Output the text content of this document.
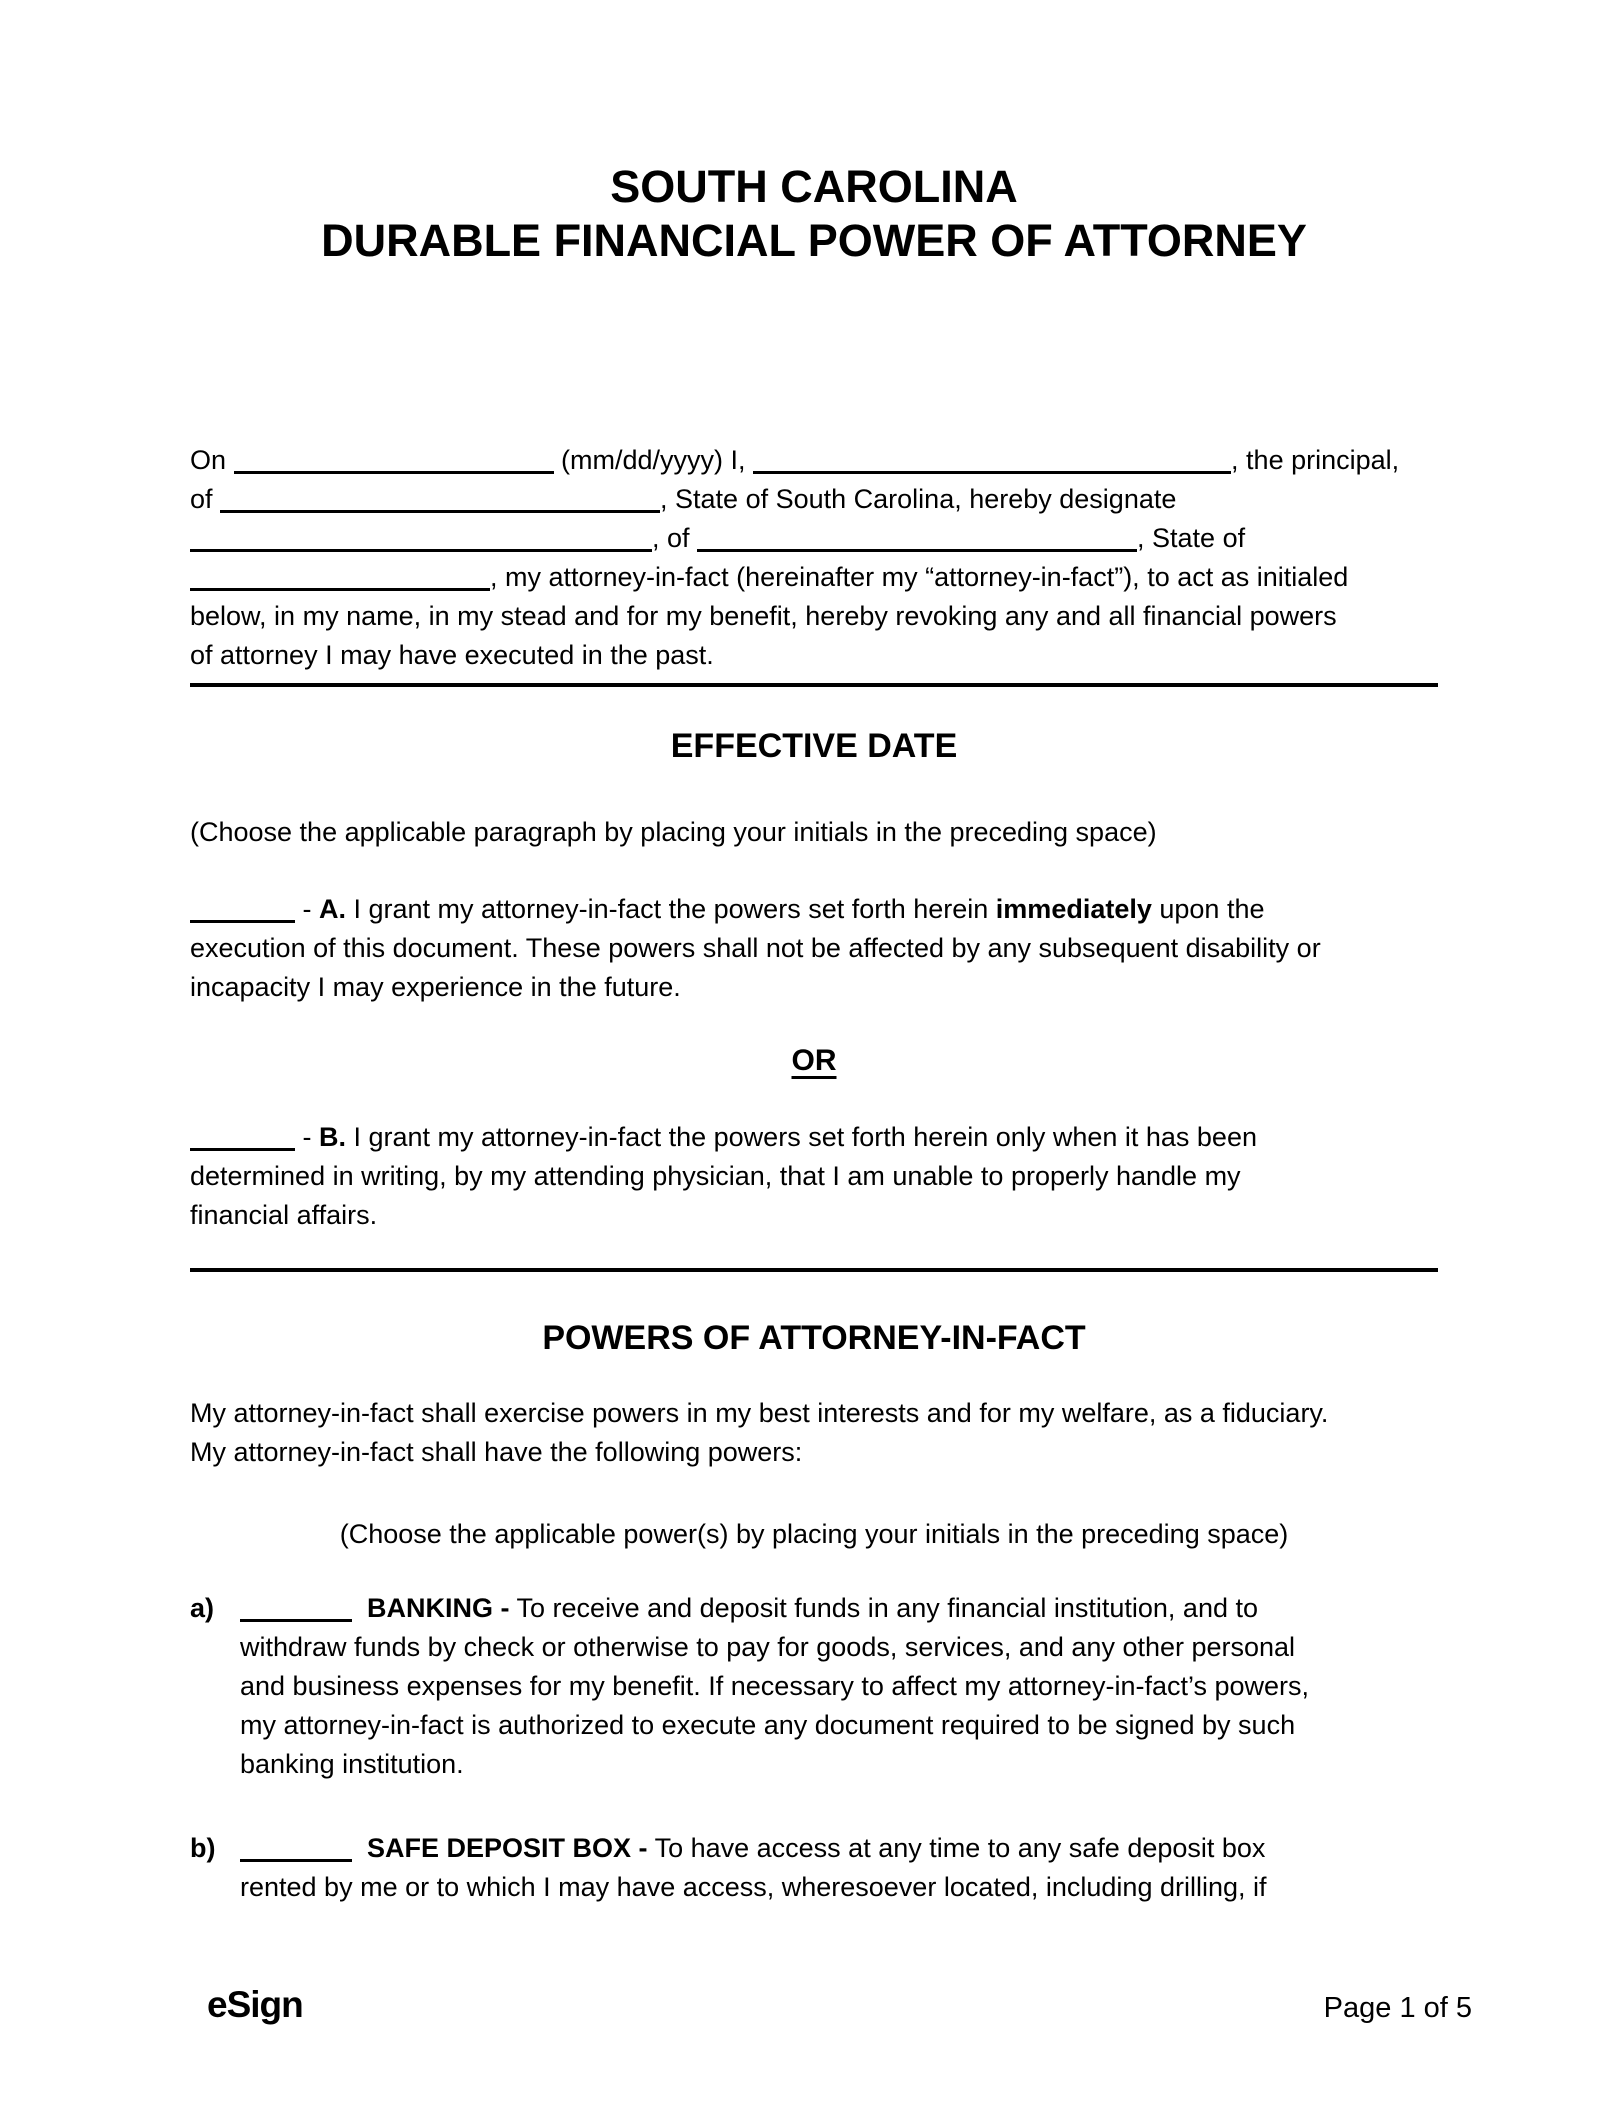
SOUTH CAROLINA
DURABLE FINANCIAL POWER OF ATTORNEY
On	(mm/dd/yyyy) I,	, the principal,
of	, State of South Carolina, hereby designate
, of	, State of
, my attorney-in-fact (hereinafter my “attorney-in-fact”), to act as initialed
below, in my name, in my stead and for my benefit, hereby revoking any and all financial powers
of attorney I may have executed in the past.
EFFECTIVE DATE
(Choose the applicable paragraph by placing your initials in the preceding space)
- A. I grant my attorney-in-fact the powers set forth herein immediately upon the
execution of this document. These powers shall not be affected by any subsequent disability or
incapacity I may experience in the future.
OR
- B. I grant my attorney-in-fact the powers set forth herein only when it has been
determined in writing, by my attending physician, that I am unable to properly handle my
financial affairs.
POWERS OF ATTORNEY-IN-FACT
My attorney-in-fact shall exercise powers in my best interests and for my welfare, as a fiduciary.
My attorney-in-fact shall have the following powers:
(Choose the applicable power(s) by placing your initials in the preceding space)
a)	BANKING - To receive and deposit funds in any financial institution, and to
withdraw funds by check or otherwise to pay for goods, services, and any other personal
and business expenses for my benefit. If necessary to affect my attorney-in-fact’s powers,
my attorney-in-fact is authorized to execute any document required to be signed by such
banking institution.
b)	SAFE DEPOSIT BOX - To have access at any time to any safe deposit box
rented by me or to which I may have access, wheresoever located, including drilling, if
eSign	Page 1 of 5
